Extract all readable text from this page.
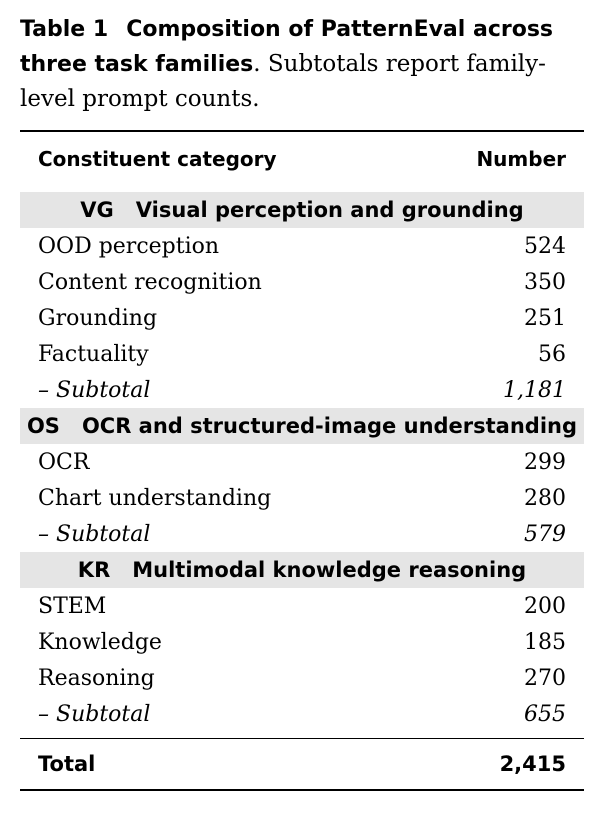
Table 1 Composition of PatternEval across three task families. Subtotals report family-level prompt counts.
Constituent category	Number
VG Visual perception and grounding	
OOD perception	524
Content recognition	350
Grounding	251
Factuality	56
– Subtotal	1,181
OS OCR and structured-image understanding	
OCR	299
Chart understanding	280
– Subtotal	579
KR Multimodal knowledge reasoning	
STEM	200
Knowledge	185
Reasoning	270
– Subtotal	655

Total	2,415
